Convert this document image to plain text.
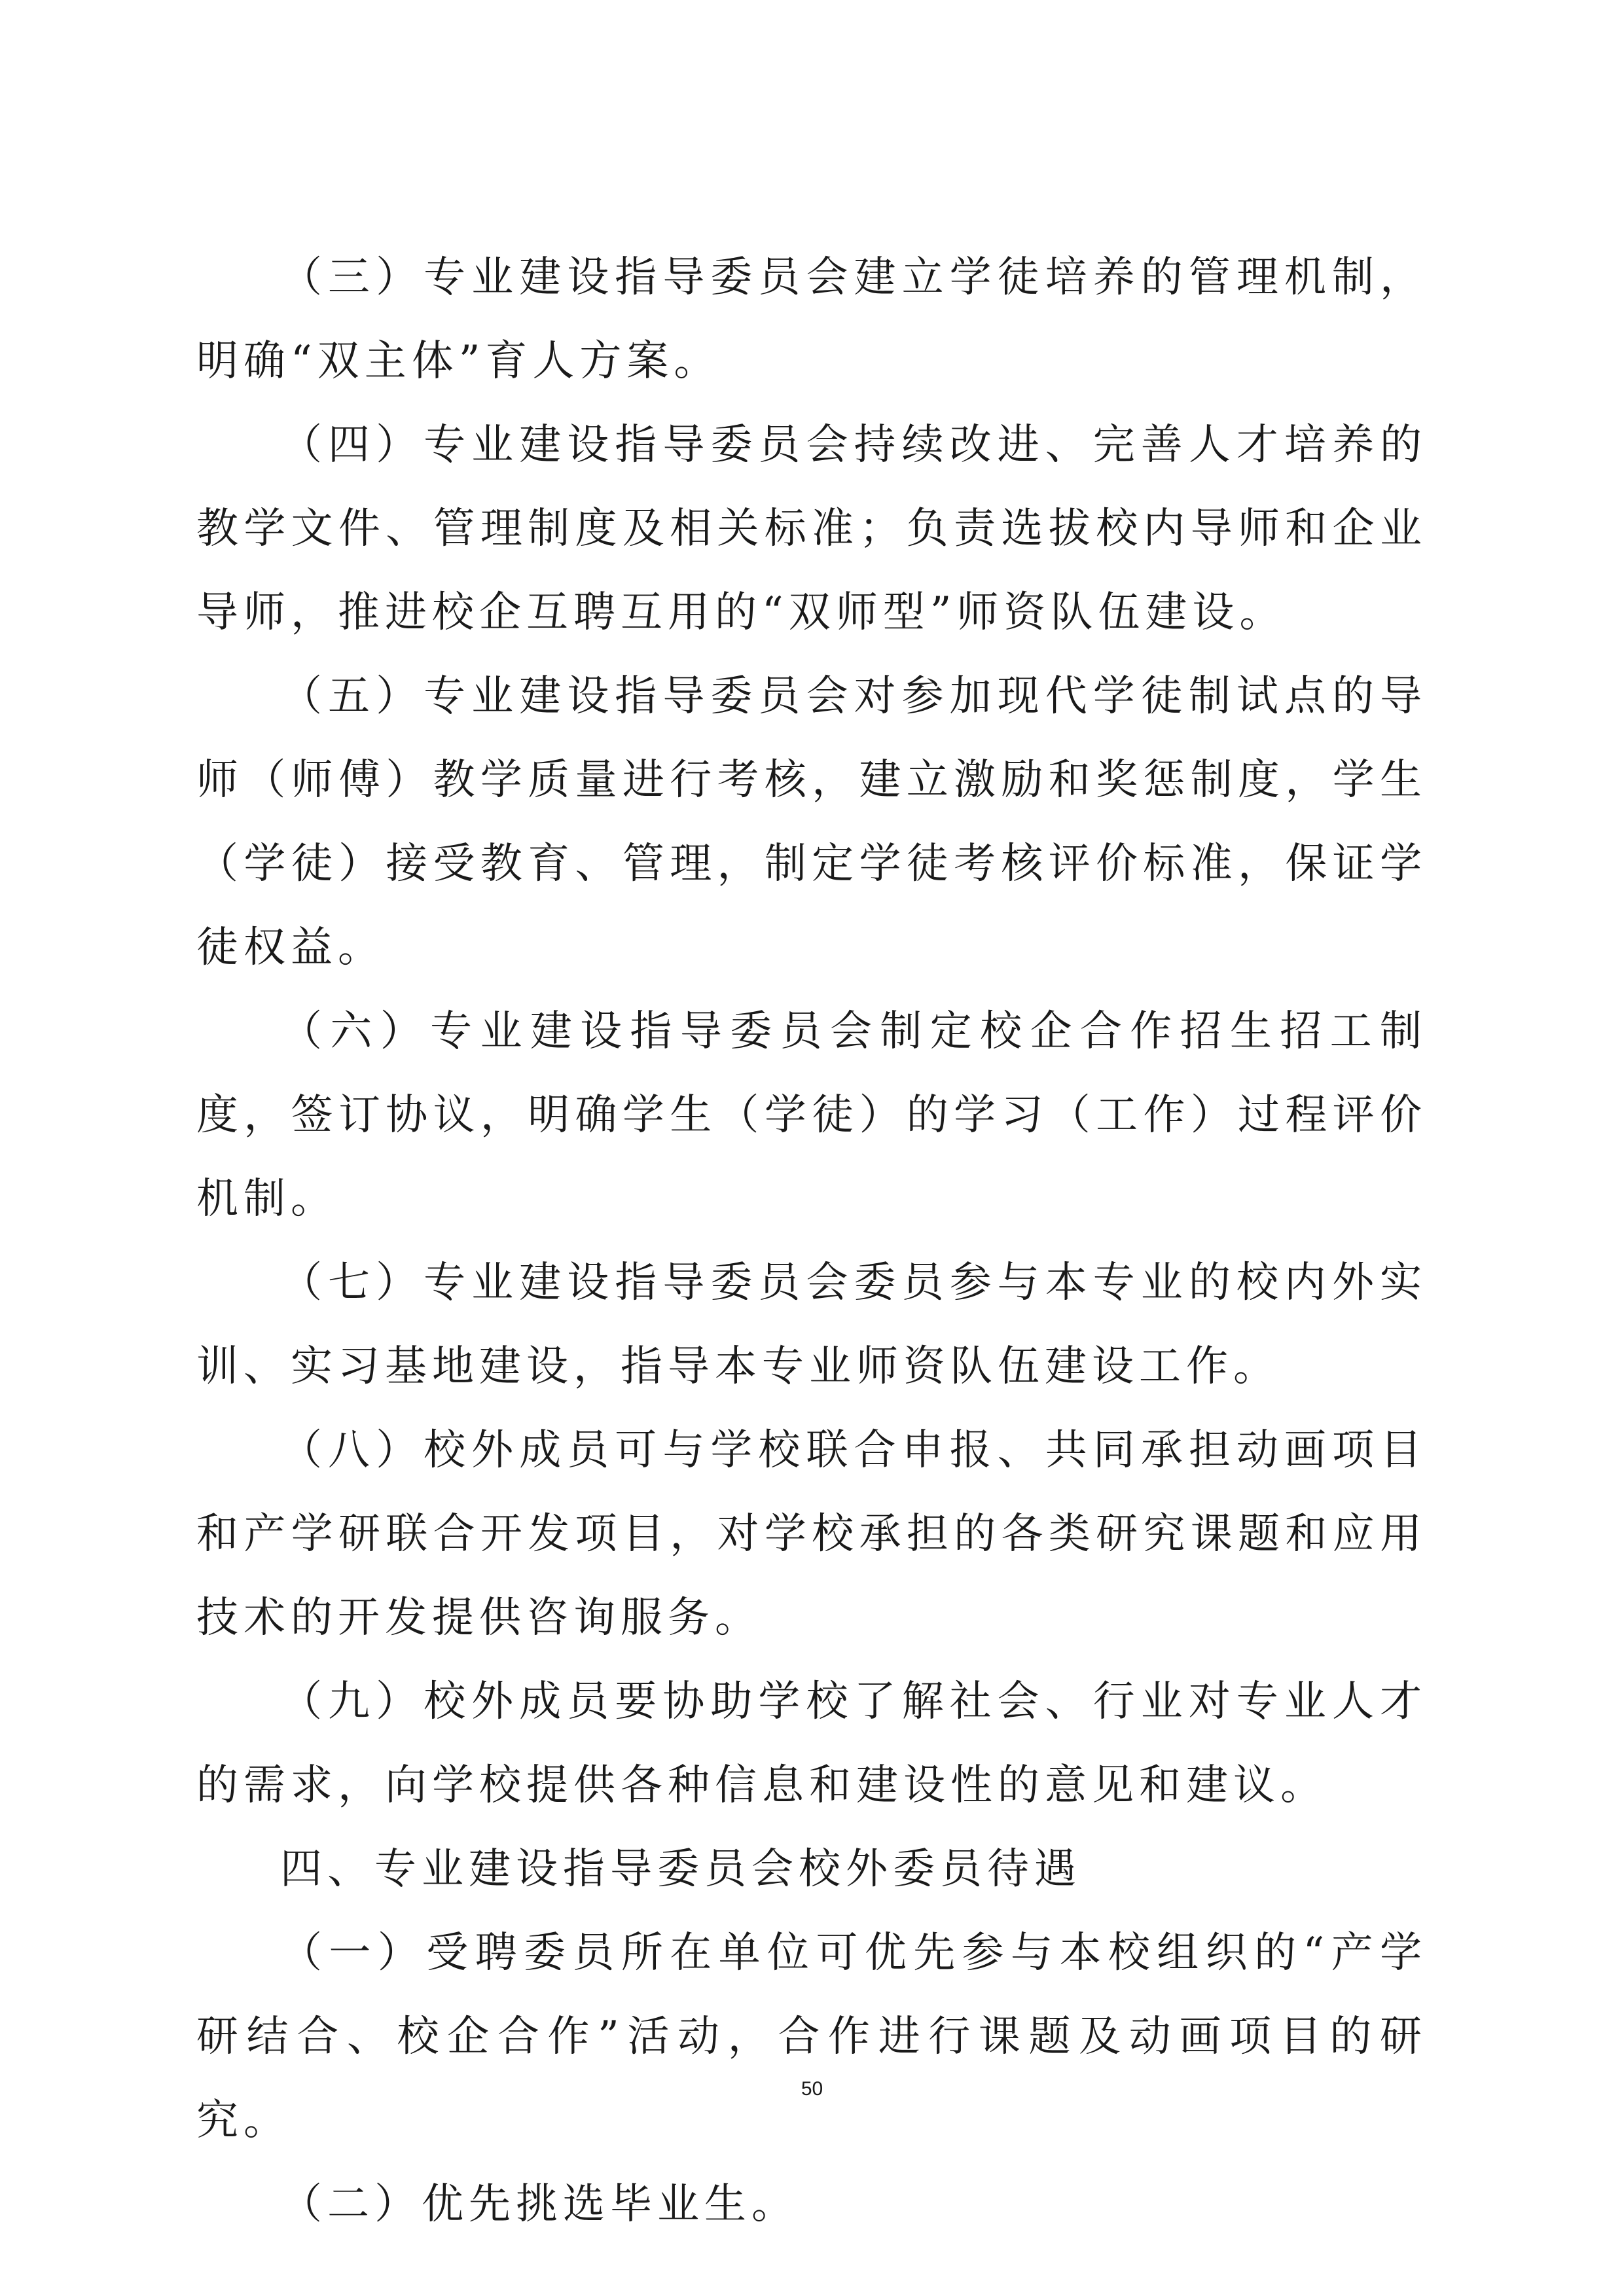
（三）专业建设指导委员会建立学徒培养的管理机制，明确“双主体”育人方案。

（四）专业建设指导委员会持续改进、完善人才培养的教学文件、管理制度及相关标准；负责选拔校内导师和企业导师，推进校企互聘互用的“双师型”师资队伍建设。

（五）专业建设指导委员会对参加现代学徒制试点的导师（师傅）教学质量进行考核，建立激励和奖惩制度，学生（学徒）接受教育、管理，制定学徒考核评价标准，保证学徒权益。

（六）专业建设指导委员会制定校企合作招生招工制度，签订协议，明确学生（学徒）的学习（工作）过程评价机制。

（七）专业建设指导委员会委员参与本专业的校内外实训、实习基地建设，指导本专业师资队伍建设工作。

（八）校外成员可与学校联合申报、共同承担动画项目和产学研联合开发项目，对学校承担的各类研究课题和应用技术的开发提供咨询服务。

（九）校外成员要协助学校了解社会、行业对专业人才的需求，向学校提供各种信息和建设性的意见和建议。

四、专业建设指导委员会校外委员待遇

（一）受聘委员所在单位可优先参与本校组织的“产学研结合、校企合作”活动，合作进行课题及动画项目的研究。

（二）优先挑选毕业生。

50
